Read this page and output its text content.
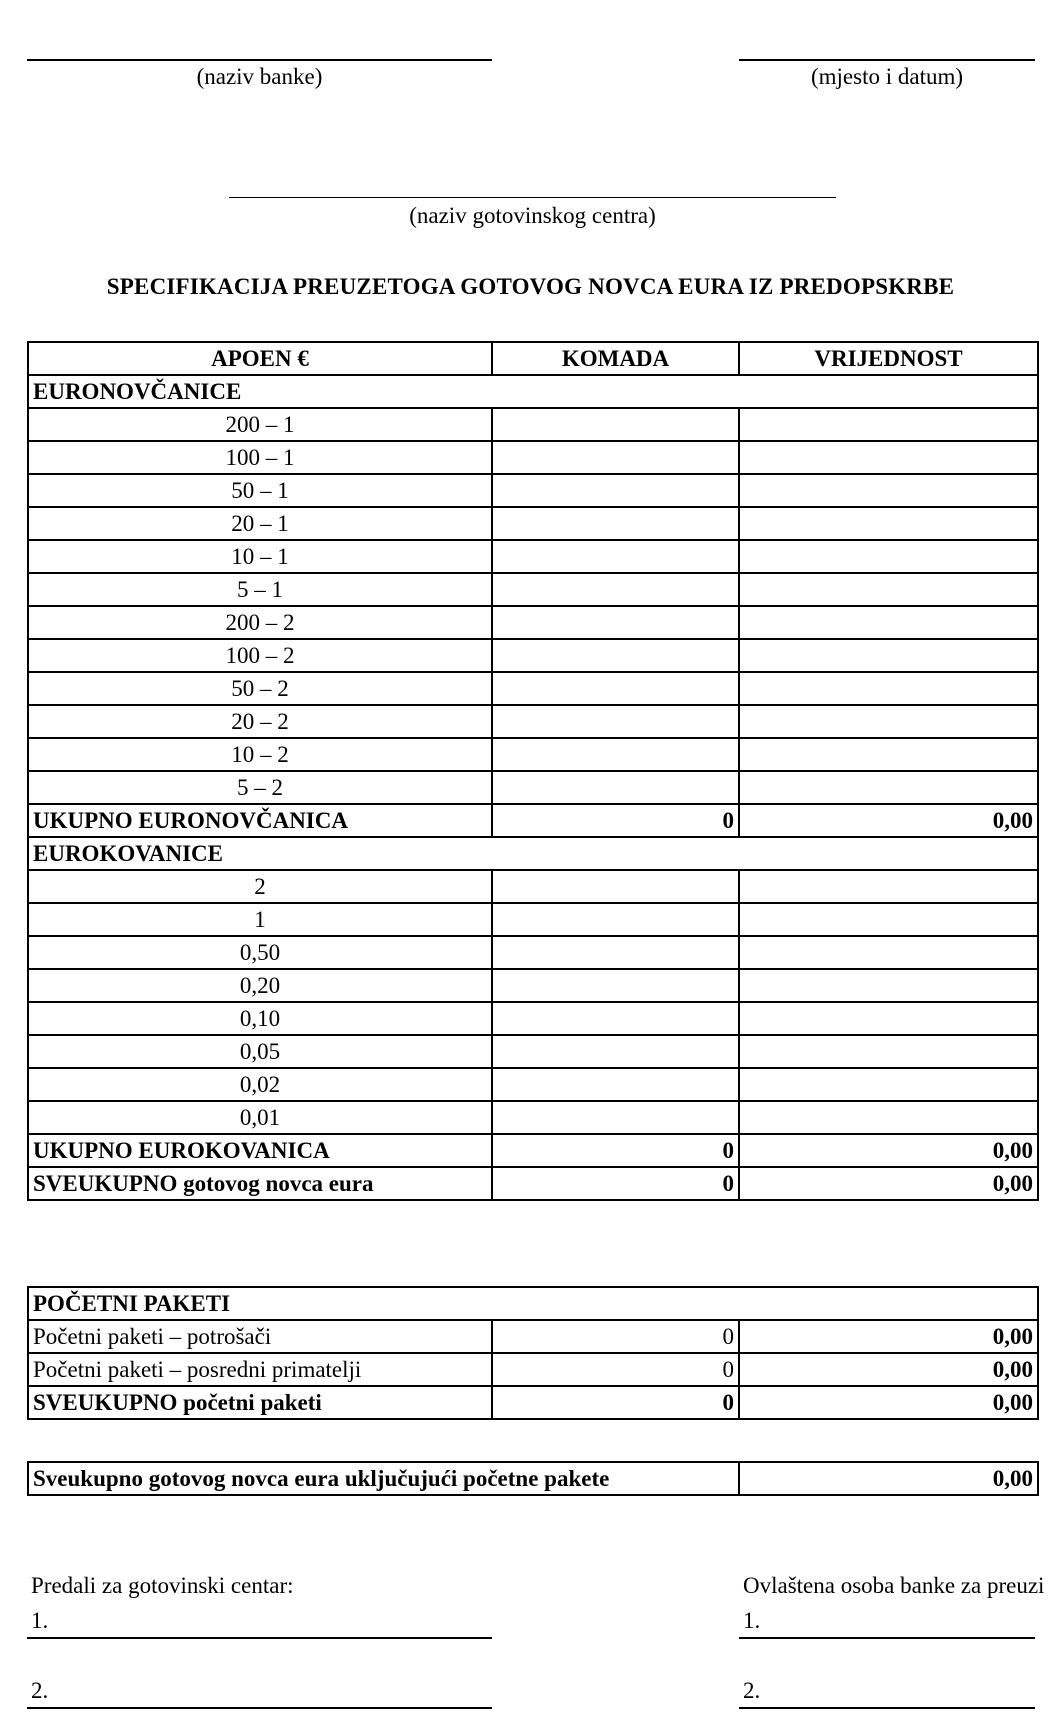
(naziv banke)	(mjesto i datum)
(naziv gotovinskog centra)
SPECIFIKACIJA PREUZETOGA GOTOVOG NOVCA EURA IZ PREDOPSKRBE
APOEN €	KOMADA	VRIJEDNOST
EURONOVČANICE		
200 – 1		
100 – 1		
50 – 1		
20 – 1		
10 – 1		
5 – 1		
200 – 2		
100 – 2		
50 – 2		
20 – 2		
10 – 2		
5 – 2		
UKUPNO EURONOVČANICA	0	0,00
EUROKOVANICE		
2		
1		
0,50		
0,20		
0,10		
0,05		
0,02		
0,01		
UKUPNO EUROKOVANICA	0	0,00
SVEUKUPNO gotovog novca eura	0	0,00
POČETNI PAKETI		
Početni paketi – potrošači	0	0,00
Početni paketi – posredni primatelji	0	0,00
SVEUKUPNO početni paketi	0	0,00
Sveukupno gotovog novca eura uključujući početne pakete	0,00
Predali za gotovinski centar:
1.
2.
Ovlaštena osoba banke za preuzi
1.
2.
